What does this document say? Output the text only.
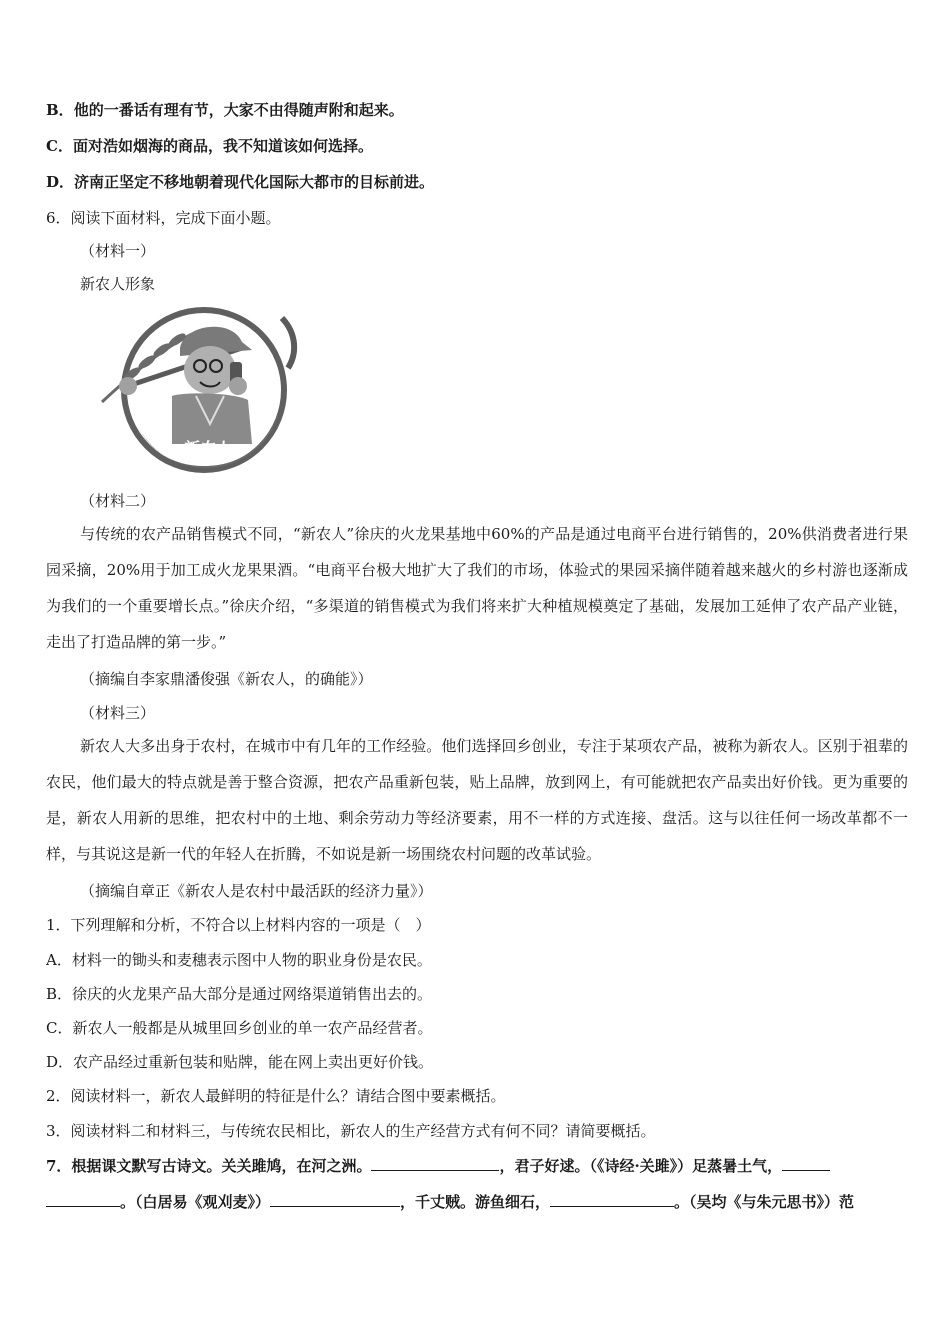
B．他的一番话有理有节，大家不由得随声附和起来。
C．面对浩如烟海的商品，我不知道该如何选择。
D．济南正坚定不移地朝着现代化国际大都市的目标前进。
6．阅读下面材料，完成下面小题。
（材料一）
新农人形象
新农人
（材料二）
与传统的农产品销售模式不同，“新农人”徐庆的火龙果基地中60%的产品是通过电商平台进行销售的，20%供消费者进行果园采摘，20%用于加工成火龙果果酒。“电商平台极大地扩大了我们的市场，体验式的果园采摘伴随着越来越火的乡村游也逐渐成为我们的一个重要增长点。”徐庆介绍，“多渠道的销售模式为我们将来扩大种植规模奠定了基础，发展加工延伸了农产品产业链，走出了打造品牌的第一步。”
（摘编自李家鼎潘俊强《新农人，的确能》）
（材料三）
新农人大多出身于农村，在城市中有几年的工作经验。他们选择回乡创业，专注于某项农产品，被称为新农人。区别于祖辈的农民，他们最大的特点就是善于整合资源，把农产品重新包装，贴上品牌，放到网上，有可能就把农产品卖出好价钱。更为重要的是，新农人用新的思维，把农村中的土地、剩余劳动力等经济要素，用不一样的方式连接、盘活。这与以往任何一场改革都不一样，与其说这是新一代的年轻人在折腾，不如说是新一场围绕农村问题的改革试验。
（摘编自章正《新农人是农村中最活跃的经济力量》）
1．下列理解和分析，不符合以上材料内容的一项是（　）
A．材料一的锄头和麦穗表示图中人物的职业身份是农民。
B．徐庆的火龙果产品大部分是通过网络渠道销售出去的。
C．新农人一般都是从城里回乡创业的单一农产品经营者。
D．农产品经过重新包装和贴牌，能在网上卖出更好价钱。
2．阅读材料一，新农人最鲜明的特征是什么？请结合图中要素概括。
3．阅读材料二和材料三，与传统农民相比，新农人的生产经营方式有何不同？请简要概括。
7．根据课文默写古诗文。关关雎鸠，在河之洲。	，君子好逑。（《诗经·关雎》）足蒸暑土气，
。（白居易《观刈麦》）	，千丈贼。游鱼细石，	。（吴均《与朱元思书》）范
